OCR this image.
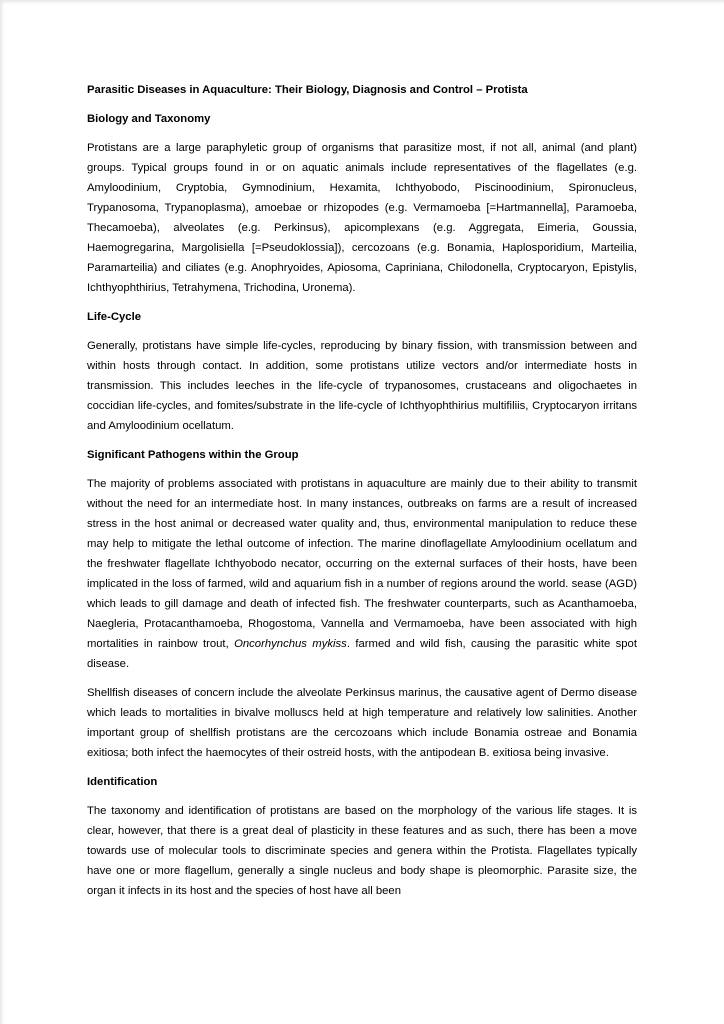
Parasitic Diseases in Aquaculture: Their Biology, Diagnosis and Control – Protista
Biology and Taxonomy

Protistans are a large paraphyletic group of organisms that parasitize most, if not all, animal (and plant) groups. Typical groups found in or on aquatic animals include representatives of the flagellates (e.g. Amyloodinium, Cryptobia, Gymnodinium, Hexamita, Ichthyobodo, Piscinoodinium, Spironucleus, Trypanosoma, Trypanoplasma), amoebae or rhizopodes (e.g. Vermamoeba [=Hartmannella], Paramoeba, Thecamoeba), alveolates (e.g. Perkinsus), apicomplexans (e.g. Aggregata, Eimeria, Goussia, Haemogregarina, Margolisiella [=Pseudoklossia]), cercozoans (e.g. Bonamia, Haplosporidium, Marteilia, Paramarteilia) and ciliates (e.g. Anophryoides, Apiosoma, Capriniana, Chilodonella, Cryptocaryon, Epistylis, Ichthyophthirius, Tetrahymena, Trichodina, Uronema).

Life-Cycle

Generally, protistans have simple life-cycles, reproducing by binary fission, with transmission between and within hosts through contact. In addition, some protistans utilize vectors and/or intermediate hosts in transmission. This includes leeches in the life-cycle of trypanosomes, crustaceans and oligochaetes in coccidian life-cycles, and fomites/substrate in the life-cycle of Ichthyophthirius multifiliis, Cryptocaryon irritans and Amyloodinium ocellatum.

Significant Pathogens within the Group

The majority of problems associated with protistans in aquaculture are mainly due to their ability to transmit without the need for an intermediate host. In many instances, outbreaks on farms are a result of increased stress in the host animal or decreased water quality and, thus, environmental manipulation to reduce these may help to mitigate the lethal outcome of infection. The marine dinoflagellate Amyloodinium ocellatum and the freshwater flagellate Ichthyobodo necator, occurring on the external surfaces of their hosts, have been implicated in the loss of farmed, wild and aquarium fish in a number of regions around the world. sease (AGD) which leads to gill damage and death of infected fish. The freshwater counterparts, such as Acanthamoeba, Naegleria, Protacanthamoeba, Rhogostoma, Vannella and Vermamoeba, have been associated with high mortalities in rainbow trout, Oncorhynchus mykiss. farmed and wild fish, causing the parasitic white spot disease.

Shellfish diseases of concern include the alveolate Perkinsus marinus, the causative agent of Dermo disease which leads to mortalities in bivalve molluscs held at high temperature and relatively low salinities. Another important group of shellfish protistans are the cercozoans which include Bonamia ostreae and Bonamia exitiosa; both infect the haemocytes of their ostreid hosts, with the antipodean B. exitiosa being invasive.

Identification

The taxonomy and identification of protistans are based on the morphology of the various life stages. It is clear, however, that there is a great deal of plasticity in these features and as such, there has been a move towards use of molecular tools to discriminate species and genera within the Protista. Flagellates typically have one or more flagellum, generally a single nucleus and body shape is pleomorphic. Parasite size, the organ it infects in its host and the species of host have all been
